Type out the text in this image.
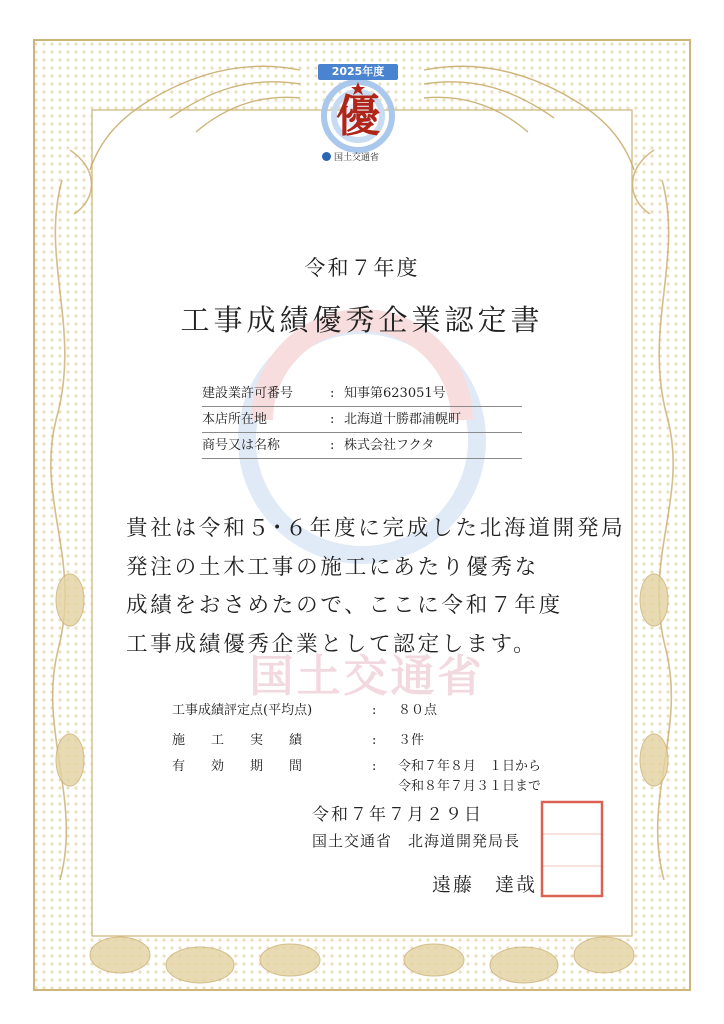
2025年度
優
国土交通省
令和７年度
工事成績優秀企業認定書
建設業許可番号	: 知事第623051号
本店所在地	: 北海道十勝郡浦幌町
商号又は名称	: 株式会社フクタ
貴社は令和５･６年度に完成した北海道開発局
発注の土木工事の施工にあたり優秀な
成績をおさめたので、ここに令和７年度
工事成績優秀企業として認定します。
国土交通省
工事成績評定点(平均点)	: ８０点
施　　工　　実　　績	: ３件
有　　効　　期　　間	: 令和７年８月　１日から
令和８年７月３１日まで
令和７年７月２９日
国土交通省　北海道開発局長
遠藤　達哉
